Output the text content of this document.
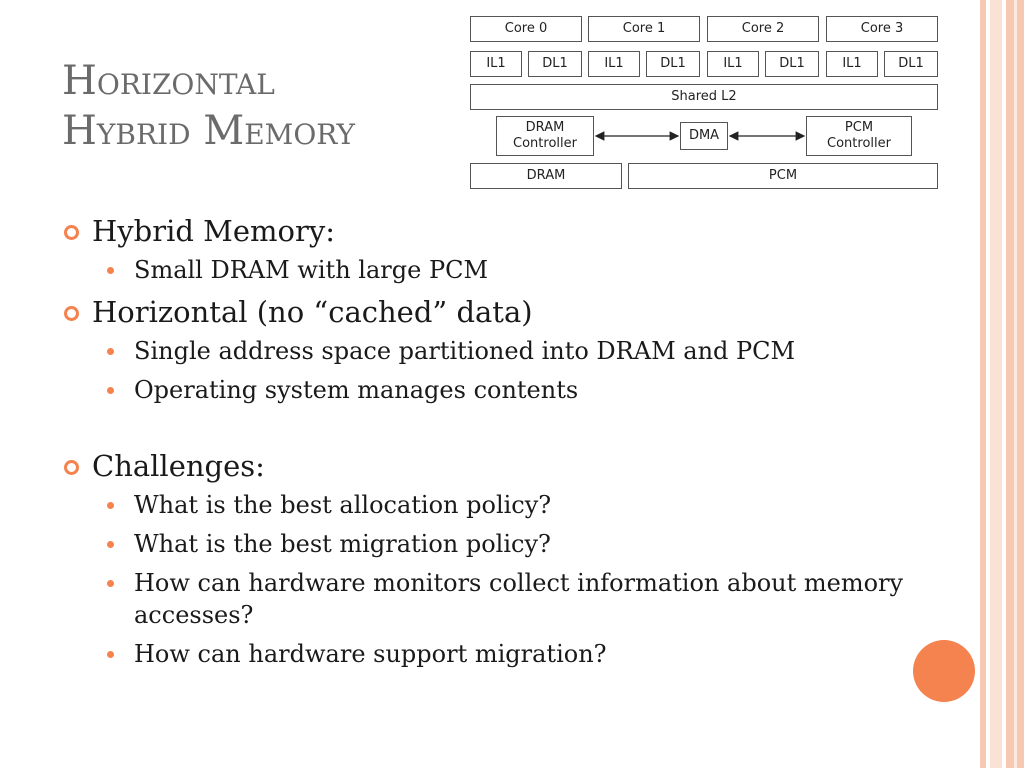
Horizontal
Hybrid Memory
Core 0	Core 1	Core 2	Core 3
IL1	DL1	IL1	DL1	IL1	DL1	IL1	DL1
Shared L2
DRAM
Controller
DMA
PCM
Controller
DRAM	PCM
Hybrid Memory:
Small DRAM with large PCM
Horizontal (no “cached” data)
Single address space partitioned into DRAM and PCM
Operating system manages contents
Challenges:
What is the best allocation policy?
What is the best migration policy?
How can hardware monitors collect information about memory accesses?
How can hardware support migration?
